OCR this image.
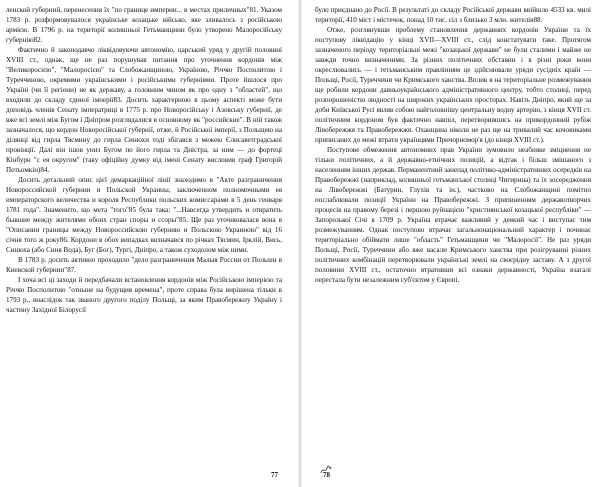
ленской губерний, перенесения їх "по границе империи... в местах приличных"81. Указом 1783 р. розформовувалося українське козацьке військо, яке зливалось з російською армією. В 1796 р. на території колишньої Гетьманщини було утворено Малоросійську губернію82.

Фактично й законодавчо ліквідовуючи автономію, царський уряд у другій половині XVIII ст., однак, ще не раз порушував питання про уточнення кордонів між "Великоросією", "Малоросією" та Слобожанщиною, Україною, Річчю Посполитою і Туреччиною, окремими українськими і російськими губерніями. Проте йшлося про Україні (чи її регіони) не як державу, а головним чином як про одну з "областей", що входили до складу єдиної імперії83. Досить характерною в цьому аспекті може бути доповідь членів Сенату імператриці в 1775 р. про Новоросійську і Азовську губернії, де вже всі землі між Бугом і Дніпром розглядалися в основному як "российские". В ній також зазначалося, що кордон Новоросійської губернії, отже, й Російської імперії, з Польщею на ділянці від гирла Тясмину до гирла Синюхи тоді збігався з межею Єлисаветградської провінції. Далі він ішов униз Бугом по його гирла та Дністра, за ним — до фортеці Кінбурн "с ея округом" (таку офіційну думку від імені Сенату висловив граф Григорій Потьомкін)84.

Досить детальний опис цієї демаркаційної лінії знаходимо в "Акте разграничения Новороссийской губернии и Польской Украины, заключенном полномочными ея императорского величества и короля Республики польских комиссарами в 5 день генваря 1781 года". Знаменито, що мета "того"85 була така: "...Навсегда утвердить и отвратить бывшие между жителями обоих стран споры и ссоры"85. Ще раз уточнювалася вона в "Описании границы между Новороссийскою губернию и Польскою Украиною" від 16 січня того ж року86. Кордони в обох випадках визначався по річках Тясмин, Ірклій, Вись, Синюха (або Синя Вода), Буг (Бог), Тургі, Дніпро, а також суходолом між ними.

В 1783 р. досить активно проходило "дело разграничения Малыя России от Польши в Киевской губернии"87.

І хоча всі ці заходи й передбачали встановлення кордонів між Російською імперією та Річчю Посполитою "отныне на будущия времена", проте справа була вирішена тільки в 1793 р., внаслідок так званого другого поділу Польщі, за яким Правобережну Україну і частину Західної Білорусії

77

було приєднано до Росії. В результаті до складу Російської держави ввійшло 4533 кв. милі території, 410 міст і містечок, понад 10 тис. сіл з близько 3 млн. жителів88.

Отже, розглянувши проблему становлення державних кордонів України та їх поступову ліквідацію у кінці XVII—XVIII ст., слід констатувати таке. Протягом зазначеного періоду територіальні межі "козацької держави" не були сталими і майже не завжди точно визначеними. За різних політичних обставин і в різні роки вони окреслювались — і гетьманським правлінням це здійснювали уряди сусідніх країн — Польщі, Росії, Туреччини чи Кримського ханства. Вплив в на територіальне розмежування ще робили кордони давньоукраїнського адміністративного центру, тобто столиці, перед розпорошеністю людності на широких українських просторах. Навіть Дніпро, який ще за доби Київської Русі являв собою найголовнішу центральну водну артерію, з кінця XVII ст. політичним кордоном був фактично навпіл, перетворившись на прикордонний рубіж Лівобережжя та Правобережжя. Оханщина ніколи не раз ще на тривалий час кочовиками приписаних до межі втрати українцями Причорномор'я (до кінця XVIII ст.).

Поступове обмеження автономних прав України зумовило неабияке зміцнення не тільки політичних, а й державно-етнічних позицій, а відтак і більш змішаного з населенням інших держав. Перманентний занепад політико-адміністративних осередків на Правобережжі (наприклад, колишньої гетьманської столиці Чигирина) та їх зосередження на Лівобережжі (Батурин, Глухів та ін.), частково на Слобожанщині помітно послаблювали позиції України на Правобережжі. З припиненням державотворчих процесів на правому березі і першою руйнацією "християнської козацької республіки" — Запорозької Січі в 1709 р. Україна втрачає важливий у деякий час і виступає тим розмежуванням. Однак поступово втрачає загальнонаціональний характер і починає територіально обіймати лише "область" Гетьманщини чи "Малоросії". Не раз уряди Польщі, Росії, Туреччини або вже васали Кримського ханства при розігруванні різних політичних комбінацій перетворювали українські землі на своєрідну заставу. А з другої половини XVIII ст., остаточно втративши всі ознаки державності, Україна взагалі перестала бути незалежним суб'єктом у Європі.

78
